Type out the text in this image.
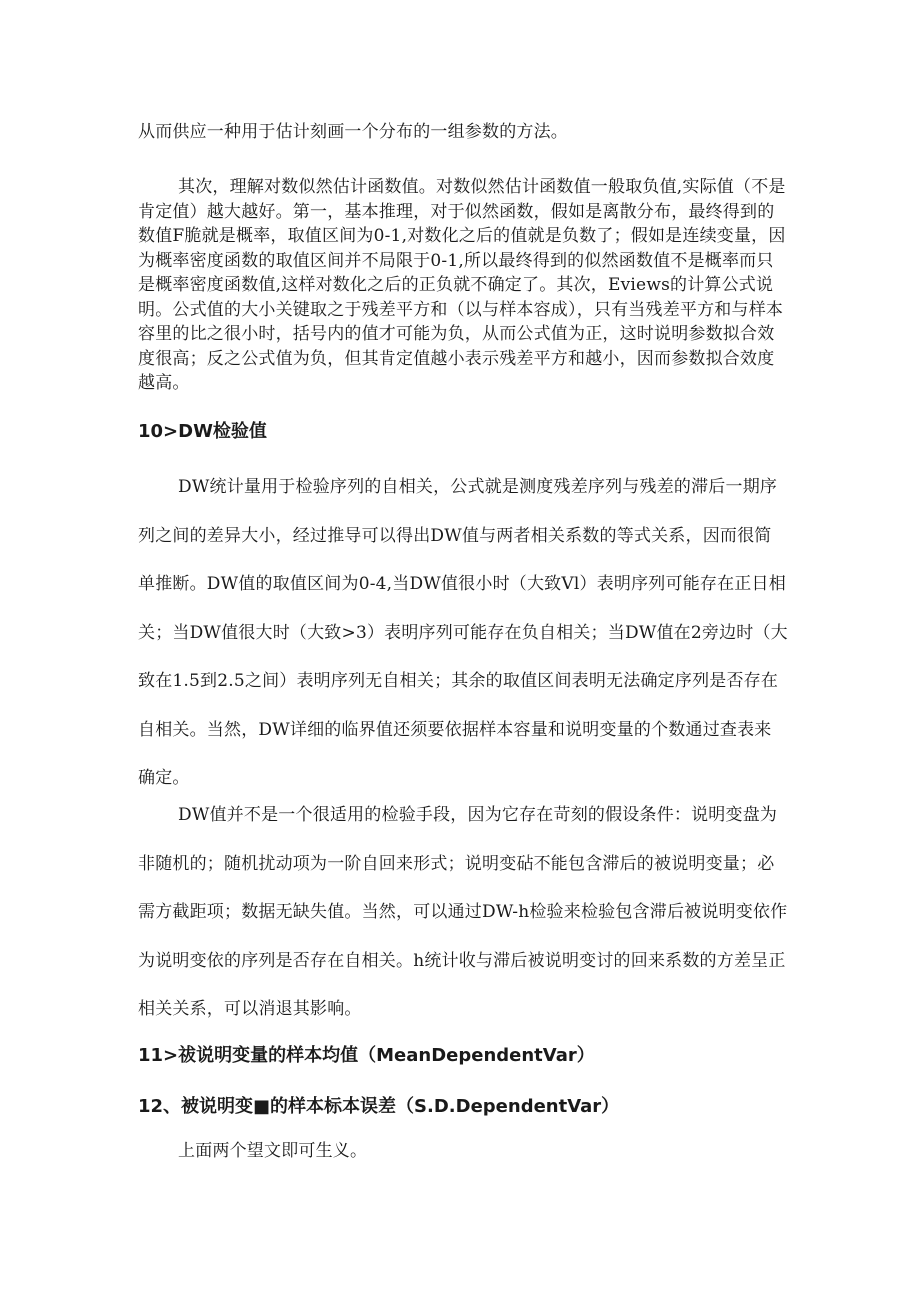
从而供应一种用于估计刻画一个分布的一组参数的方法。

其次，理解对数似然估计函数值。对数似然估计函数值一般取负值,实际值（不是肯定值）越大越好。第一，基本推理，对于似然函数，假如是离散分布，最终得到的数值F脆就是概率，取值区间为0-1,对数化之后的值就是负数了；假如是连续变量，因为概率密度函数的取值区间并不局限于0-1,所以最终得到的似然函数值不是概率而只是概率密度函数值,这样对数化之后的正负就不确定了。其次，Eviews的计算公式说明。公式值的大小关键取之于残差平方和（以与样本容成），只有当残差平方和与样本容里的比之很小时，括号内的值才可能为负，从而公式值为正，这时说明参数拟合效度很高；反之公式值为负，但其肯定值越小表示残差平方和越小，因而参数拟合效度越高。

10>DW检验值

DW统计量用于检验序列的自相关，公式就是测度残差序列与残差的滞后一期序列之间的差异大小，经过推导可以得出DW值与两者相关系数的等式关系，因而很简单推断。DW值的取值区间为0-4,当DW值很小时（大致Vl）表明序列可能存在正日相关；当DW值很大时（大致>3）表明序列可能存在负自相关；当DW值在2旁边时（大致在1.5到2.5之间）表明序列无自相关；其余的取值区间表明无法确定序列是否存在自相关。当然，DW详细的临界值还须要依据样本容量和说明变量的个数通过查表来确定。

DW值并不是一个很适用的检验手段，因为它存在苛刻的假设条件：说明变盘为非随机的；随机扰动项为一阶自回来形式；说明变砧不能包含滞后的被说明变量；必需方截距项；数据无缺失值。当然，可以通过DW-h检验来检验包含滞后被说明变依作为说明变依的序列是否存在自相关。h统计收与滞后被说明变讨的回来系数的方差呈正相关关系，可以消退其影响。

11>祓说明变量的样本均值（MeanDependentVar）
12、被说明变■的样本标本误差（S.D.DependentVar）

上面两个望文即可生义。
